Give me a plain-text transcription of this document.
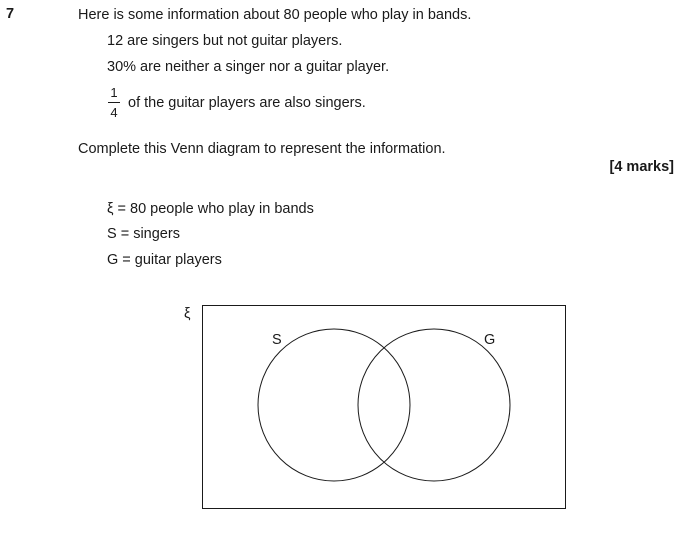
7	Here is some information about 80 people who play in bands.
12 are singers but not guitar players.
30% are neither a singer nor a guitar player.
1
4
of the guitar players are also singers.
Complete this Venn diagram to represent the information.
[4 marks]
ξ = 80 people who play in bands
S = singers
G = guitar players
ξ
S	G
